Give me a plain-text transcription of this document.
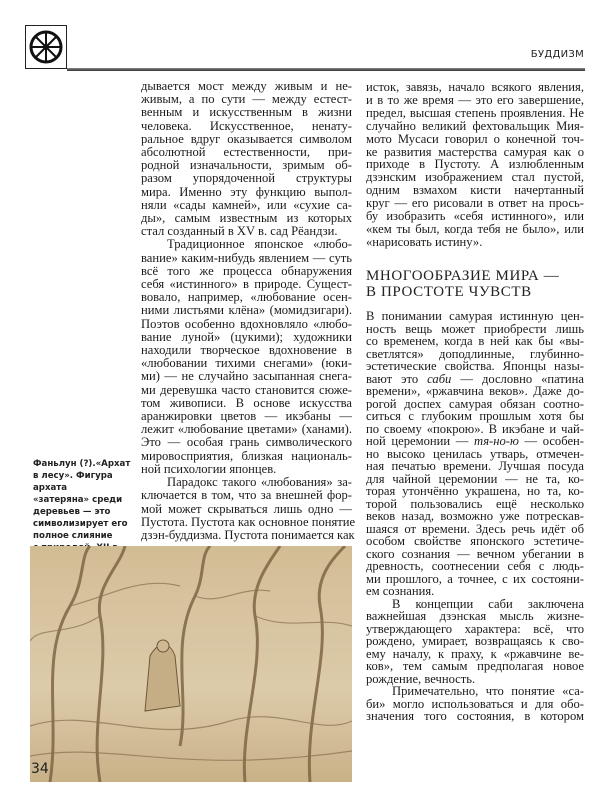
БУДДИЗМ
дывается мост между живым и не-
живым, а по сути — между естест-
венным и искусственным в жизни
человека. Искусственное, ненату-
ральное вдруг оказывается символом
абсолютной естественности, при-
родной изначальности, зримым об-
разом упорядоченной структуры
мира. Именно эту функцию выпол-
няли «сады камней», или «сухие са-
ды», самым известным из которых
стал созданный в XV в. сад Рёандзи.
Традиционное японское «любо-
вание» каким-нибудь явлением — суть
всё того же процесса обнаружения
себя «истинного» в природе. Сущест-
вовало, например, «любование осен-
ними листьями клёна» (момидзигари).
Поэтов особенно вдохновляло «любо-
вание луной» (цукими); художники
находили творческое вдохновение в
«любовании тихими снегами» (юки-
ми) — не случайно засыпанная снега-
ми деревушка часто становится сюже-
том живописи. В основе искусства
аранжировки цветов — икэбаны —
лежит «любование цветами» (ханами).
Это — особая грань символического
мировосприятия, близкая националь-
ной психологии японцев.
Парадокс такого «любования» за-
ключается в том, что за внешней фор-
мой может скрываться лишь одно —
Пустота. Пустота как основное понятие
дзэн-буддизма. Пустота понимается как
исток, завязь, начало всякого явления,
и в то же время — это его завершение,
предел, высшая степень проявления. Не
случайно великий фехтовальщик Мия-
мото Мусаси говорил о конечной точ-
ке развития мастерства самурая как о
приходе в Пустоту. А излюбленным
дзэнским изображением стал пустой,
одним взмахом кисти начертанный
круг — его рисовали в ответ на прось-
бу изобразить «себя истинного», или
«кем ты был, когда тебя не было», или
«нарисовать истину».
МНОГООБРАЗИЕ МИРА —
В ПРОСТОТЕ ЧУВСТВ
В понимании самурая истинную цен-
ность вещь может приобрести лишь
со временем, когда в ней как бы «вы-
светлятся» доподлинные, глубинно-
эстетические свойства. Японцы назы-
вают это саби — дословно «патина
времени», «ржавчина веков». Даже до-
рогой доспех самурая обязан соотно-
ситься с глубоким прошлым хотя бы
по своему «покрою». В икэбане и чай-
ной церемонии — тя-но-ю — особен-
но высоко ценилась утварь, отмечен-
ная печатью времени. Лучшая посуда
для чайной церемонии — не та, ко-
торая утончённо украшена, но та, ко-
торой пользовались ещё несколько
веков назад, возможно уже потрескав-
шаяся от времени. Здесь речь идёт об
особом свойстве японского эстетиче-
ского сознания — вечном убегании в
древность, соотнесении себя с людь-
ми прошлого, а точнее, с их состояни-
ем сознания.
В концепции саби заключена
важнейшая дзэнская мысль жизне-
утверждающего характера: всё, что
рождено, умирает, возвращаясь к сво-
ему началу, к праху, к «ржавчине ве-
ков», тем самым предполагая новое
рождение, вечность.
Примечательно, что понятие «са-
би» могло использоваться и для обо-
значения того состояния, в котором
Фаньлун (?).«Архат
в лесу». Фигура архата
«затеряна» среди
деревьев — это
символизирует его
полное слияние
34
